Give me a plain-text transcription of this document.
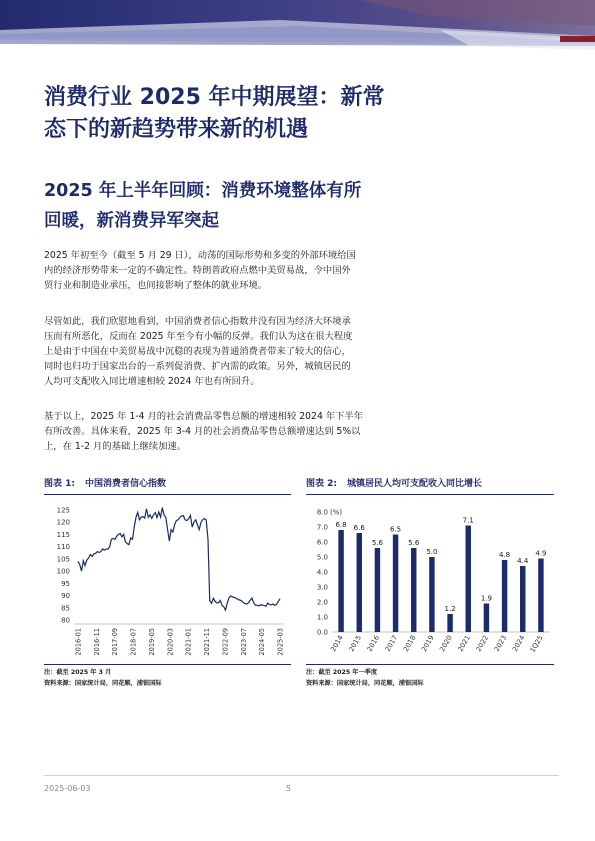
消费行业 2025 年中期展望：新常
态下的新趋势带来新的机遇
2025 年上半年回顾：消费环境整体有所
回暖，新消费异军突起
2025 年初至今（截至 5 月 29 日），动荡的国际形势和多变的外部环境给国
内的经济形势带来一定的不确定性。特朗普政府点燃中美贸易战，令中国外
贸行业和制造业承压，也间接影响了整体的就业环境。
尽管如此，我们欣慰地看到，中国消费者信心指数并没有因为经济大环境承
压而有所恶化，反而在 2025 年至今有小幅的反弹。我们认为这在很大程度
上是由于中国在中美贸易战中沉稳的表现为普通消费者带来了较大的信心，
同时也归功于国家出台的一系列促消费、扩内需的政策。另外，城镇居民的
人均可支配收入同比增速相较 2024 年也有所回升。
基于以上，2025 年 1-4 月的社会消费品零售总额的增速相较 2024 年下半年
有所改善。具体来看，2025 年 3-4 月的社会消费品零售总额增速达到 5%以
上，在 1-2 月的基础上继续加速。
图表 1: 中国消费者信心指数	图表 2: 城镇居民人均可支配收入同比增长
80
85
90
95
100
105
110
115
120
125
2016-01 2016-11 2017-09 2018-07 2019-05 2020-03 2021-01 2021-11 2022-09 2023-07 2024-05 2025-03	0.0
1.0
2.0
3.0
4.0
5.0
6.0
7.0
8.0 (%)
6.8
2014
6.6
2015
5.6
2016
6.5
2017
5.6
2018
5.0
2019
1.2
2020
7.1
2021
1.9
2022
4.8
2023
4.4
2024
4.9
1Q25
注：截至 2025 年 3 月
资料来源：国家统计局，同花顺，浦银国际
注：截至 2025 年一季度
资料来源：国家统计局，同花顺，浦银国际
2025-06-03	5
